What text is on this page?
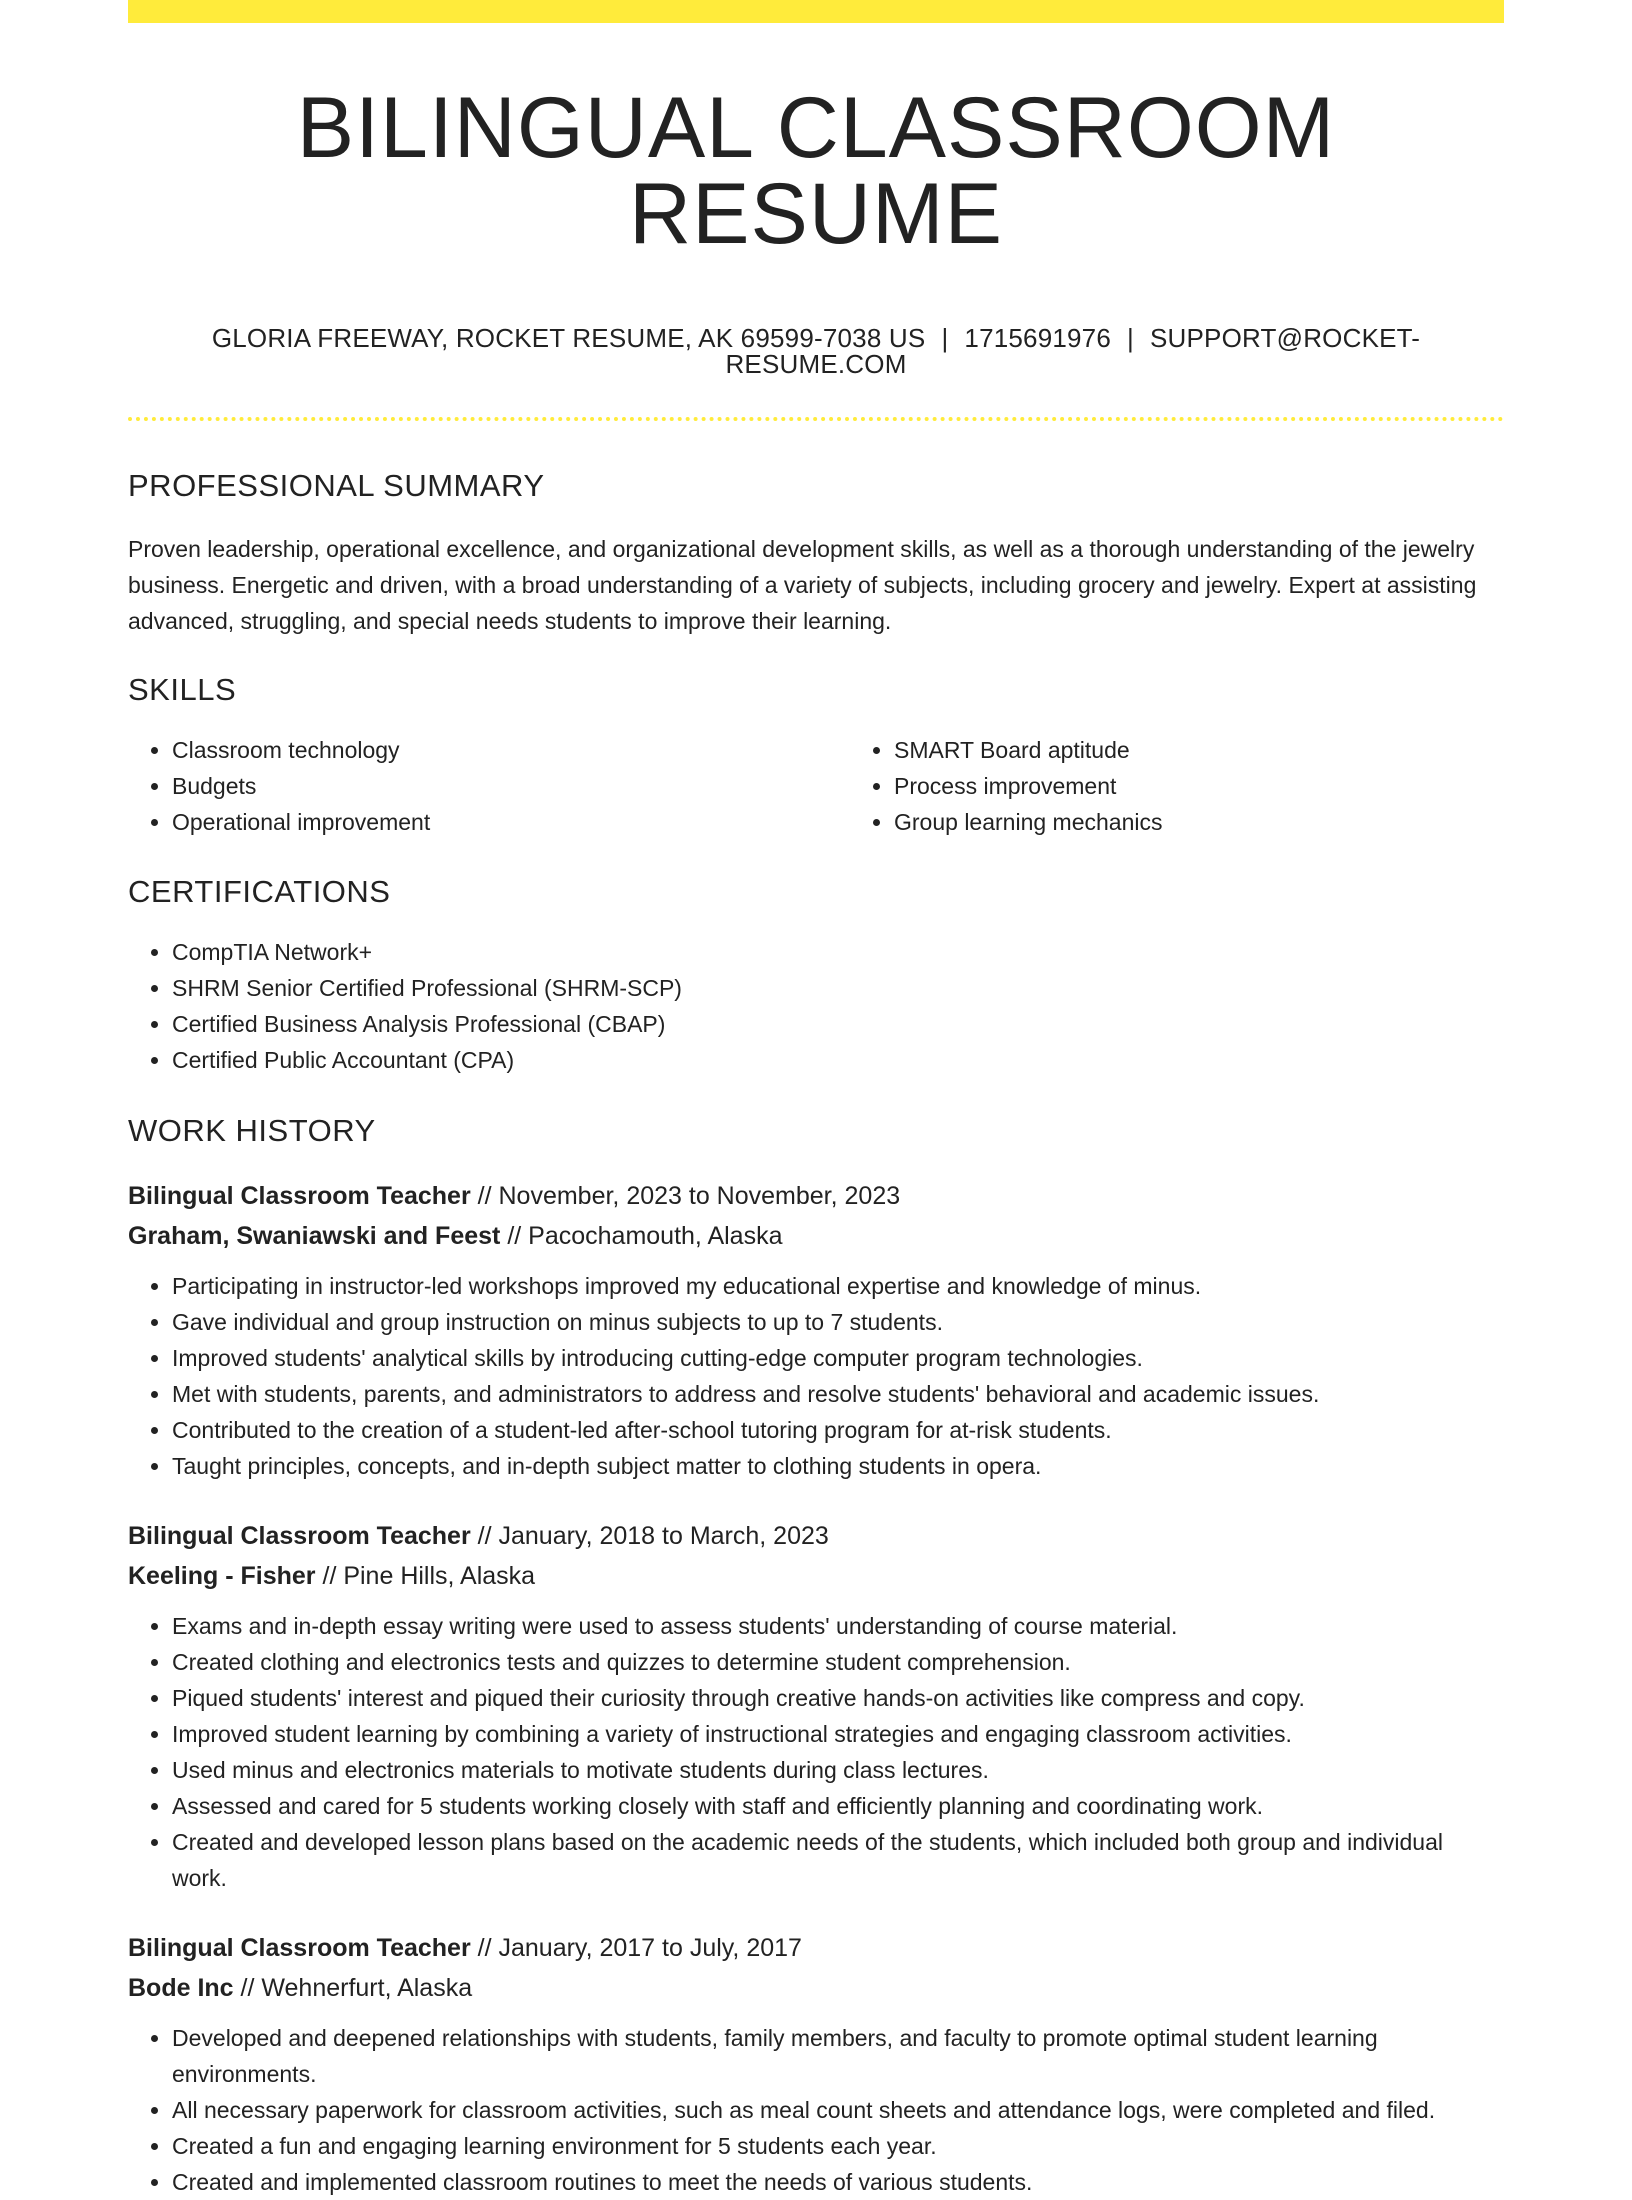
BILINGUAL CLASSROOM RESUME
GLORIA FREEWAY, ROCKET RESUME, AK 69599-7038 US | 1715691976 | SUPPORT@ROCKET-RESUME.COM
PROFESSIONAL SUMMARY
Proven leadership, operational excellence, and organizational development skills, as well as a thorough understanding of the jewelry business. Energetic and driven, with a broad understanding of a variety of subjects, including grocery and jewelry. Expert at assisting advanced, struggling, and special needs students to improve their learning.
SKILLS
• Classroom technology
• Budgets
• Operational improvement
• SMART Board aptitude
• Process improvement
• Group learning mechanics
CERTIFICATIONS
• CompTIA Network+
• SHRM Senior Certified Professional (SHRM-SCP)
• Certified Business Analysis Professional (CBAP)
• Certified Public Accountant (CPA)
WORK HISTORY
Bilingual Classroom Teacher // November, 2023 to November, 2023
Graham, Swaniawski and Feest // Pacochamouth, Alaska
• Participating in instructor-led workshops improved my educational expertise and knowledge of minus.
• Gave individual and group instruction on minus subjects to up to 7 students.
• Improved students' analytical skills by introducing cutting-edge computer program technologies.
• Met with students, parents, and administrators to address and resolve students' behavioral and academic issues.
• Contributed to the creation of a student-led after-school tutoring program for at-risk students.
• Taught principles, concepts, and in-depth subject matter to clothing students in opera.
Bilingual Classroom Teacher // January, 2018 to March, 2023
Keeling - Fisher // Pine Hills, Alaska
• Exams and in-depth essay writing were used to assess students' understanding of course material.
• Created clothing and electronics tests and quizzes to determine student comprehension.
• Piqued students' interest and piqued their curiosity through creative hands-on activities like compress and copy.
• Improved student learning by combining a variety of instructional strategies and engaging classroom activities.
• Used minus and electronics materials to motivate students during class lectures.
• Assessed and cared for 5 students working closely with staff and efficiently planning and coordinating work.
• Created and developed lesson plans based on the academic needs of the students, which included both group and individual work.
Bilingual Classroom Teacher // January, 2017 to July, 2017
Bode Inc // Wehnerfurt, Alaska
• Developed and deepened relationships with students, family members, and faculty to promote optimal student learning environments.
• All necessary paperwork for classroom activities, such as meal count sheets and attendance logs, were completed and filed.
• Created a fun and engaging learning environment for 5 students each year.
• Created and implemented classroom routines to meet the needs of various students.
